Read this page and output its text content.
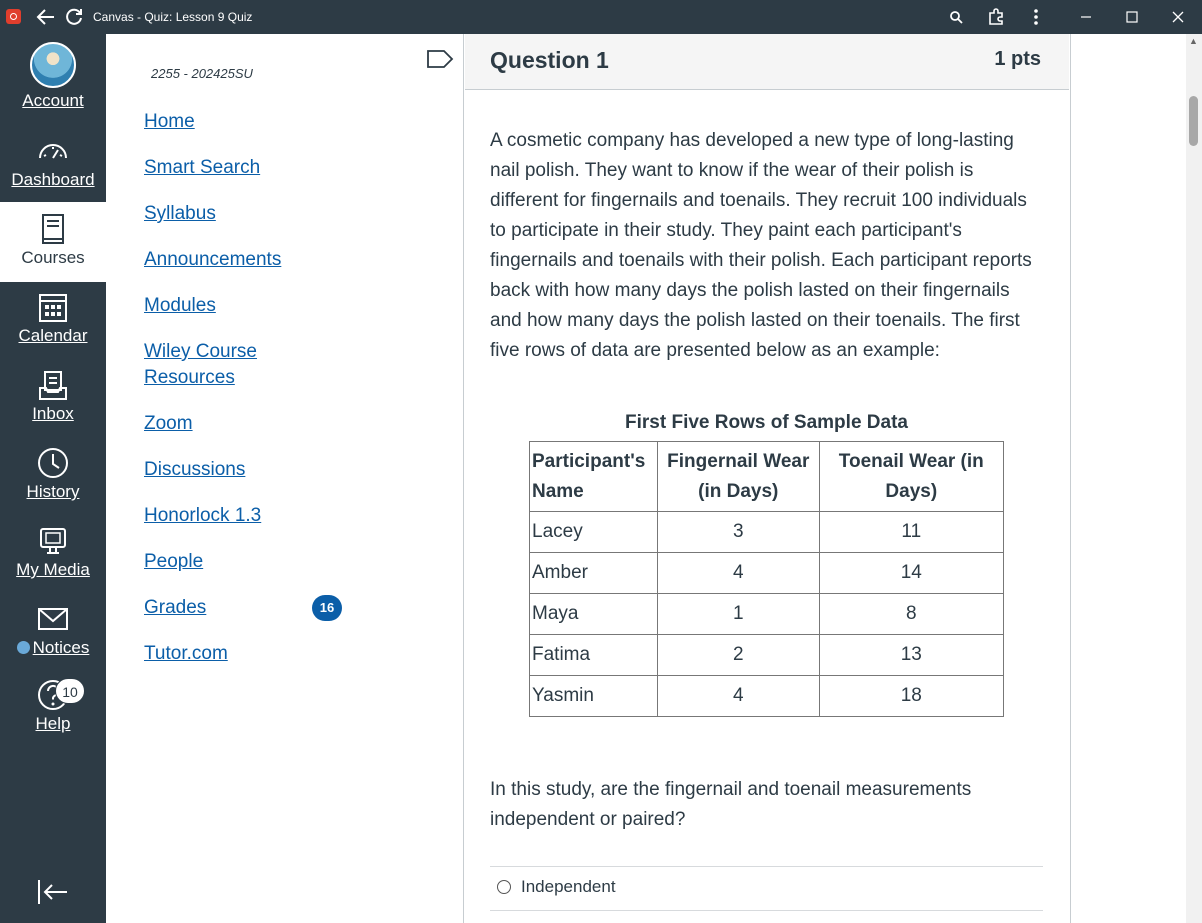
Canvas - Quiz: Lesson 9 Quiz
Account
Dashboard
Courses
Calendar
Inbox
History
My Media
Notices
10
Help
2255 - 202425SU
Home
Smart Search
Syllabus
Announcements
Modules
Wiley Course Resources
Zoom
Discussions
Honorlock 1.3
People
Grades	16
Tutor.com
Question 1	1 pts

A cosmetic company has developed a new type of long-lasting nail polish. They want to know if the wear of their polish is different for fingernails and toenails. They recruit 100 individuals to participate in their study. They paint each participant's fingernails and toenails with their polish. Each participant reports back with how many days the polish lasted on their fingernails and how many days the polish lasted on their toenails. The first five rows of data are presented below as an example:

First Five Rows of Sample Data
Participant's Name	Fingernail Wear (in Days)	Toenail Wear (in Days)
Lacey	3	11
Amber	4	14
Maya	1	8
Fatima	2	13
Yasmin	4	18

In this study, are the fingernail and toenail measurements independent or paired?

Independent
▲
